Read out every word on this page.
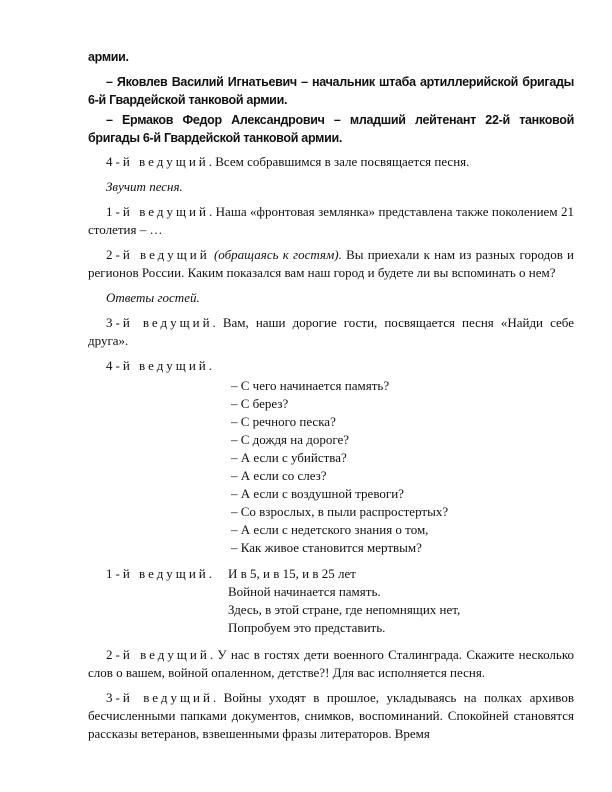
армии.

– Яковлев Василий Игнатьевич – начальник штаба артиллерийской бригады 6-й Гвардейской танковой армии.

– Ермаков Федор Александрович – младший лейтенант 22-й танковой бригады 6-й Гвардейской танковой армии.

4-й ведущий. Всем собравшимся в зале посвящается песня.

Звучит песня.

1-й ведущий. Наша «фронтовая землянка» представлена также поколением 21 столетия – …

2-й ведущий (обращаясь к гостям). Вы приехали к нам из разных городов и регионов России. Каким показался вам наш город и будете ли вы вспоминать о нем?

Ответы гостей.

3-й ведущий. Вам, наши дорогие гости, посвящается песня «Найди себе друга».

4-й ведущий.

– С чего начинается память?
– С берез?
– С речного песка?
– С дождя на дороге?
– А если с убийства?
– А если со слез?
– А если с воздушной тревоги?
– Со взрослых, в пыли распростертых?
– А если с недетского знания о том,
– Как живое становится мертвым?
1-й ведущий.	И в 5, и в 15, и в 25 лет
Войной начинается память.
Здесь, в этой стране, где непомнящих нет,
Попробуем это представить.

2-й ведущий. У нас в гостях дети военного Сталинграда. Скажите несколько слов о вашем, войной опаленном, детстве?! Для вас исполняется песня.

3-й ведущий. Войны уходят в прошлое, укладываясь на полках архивов бесчисленными папками документов, снимков, воспоминаний. Спокойней становятся рассказы ветеранов, взвешенными фразы литераторов. Время
